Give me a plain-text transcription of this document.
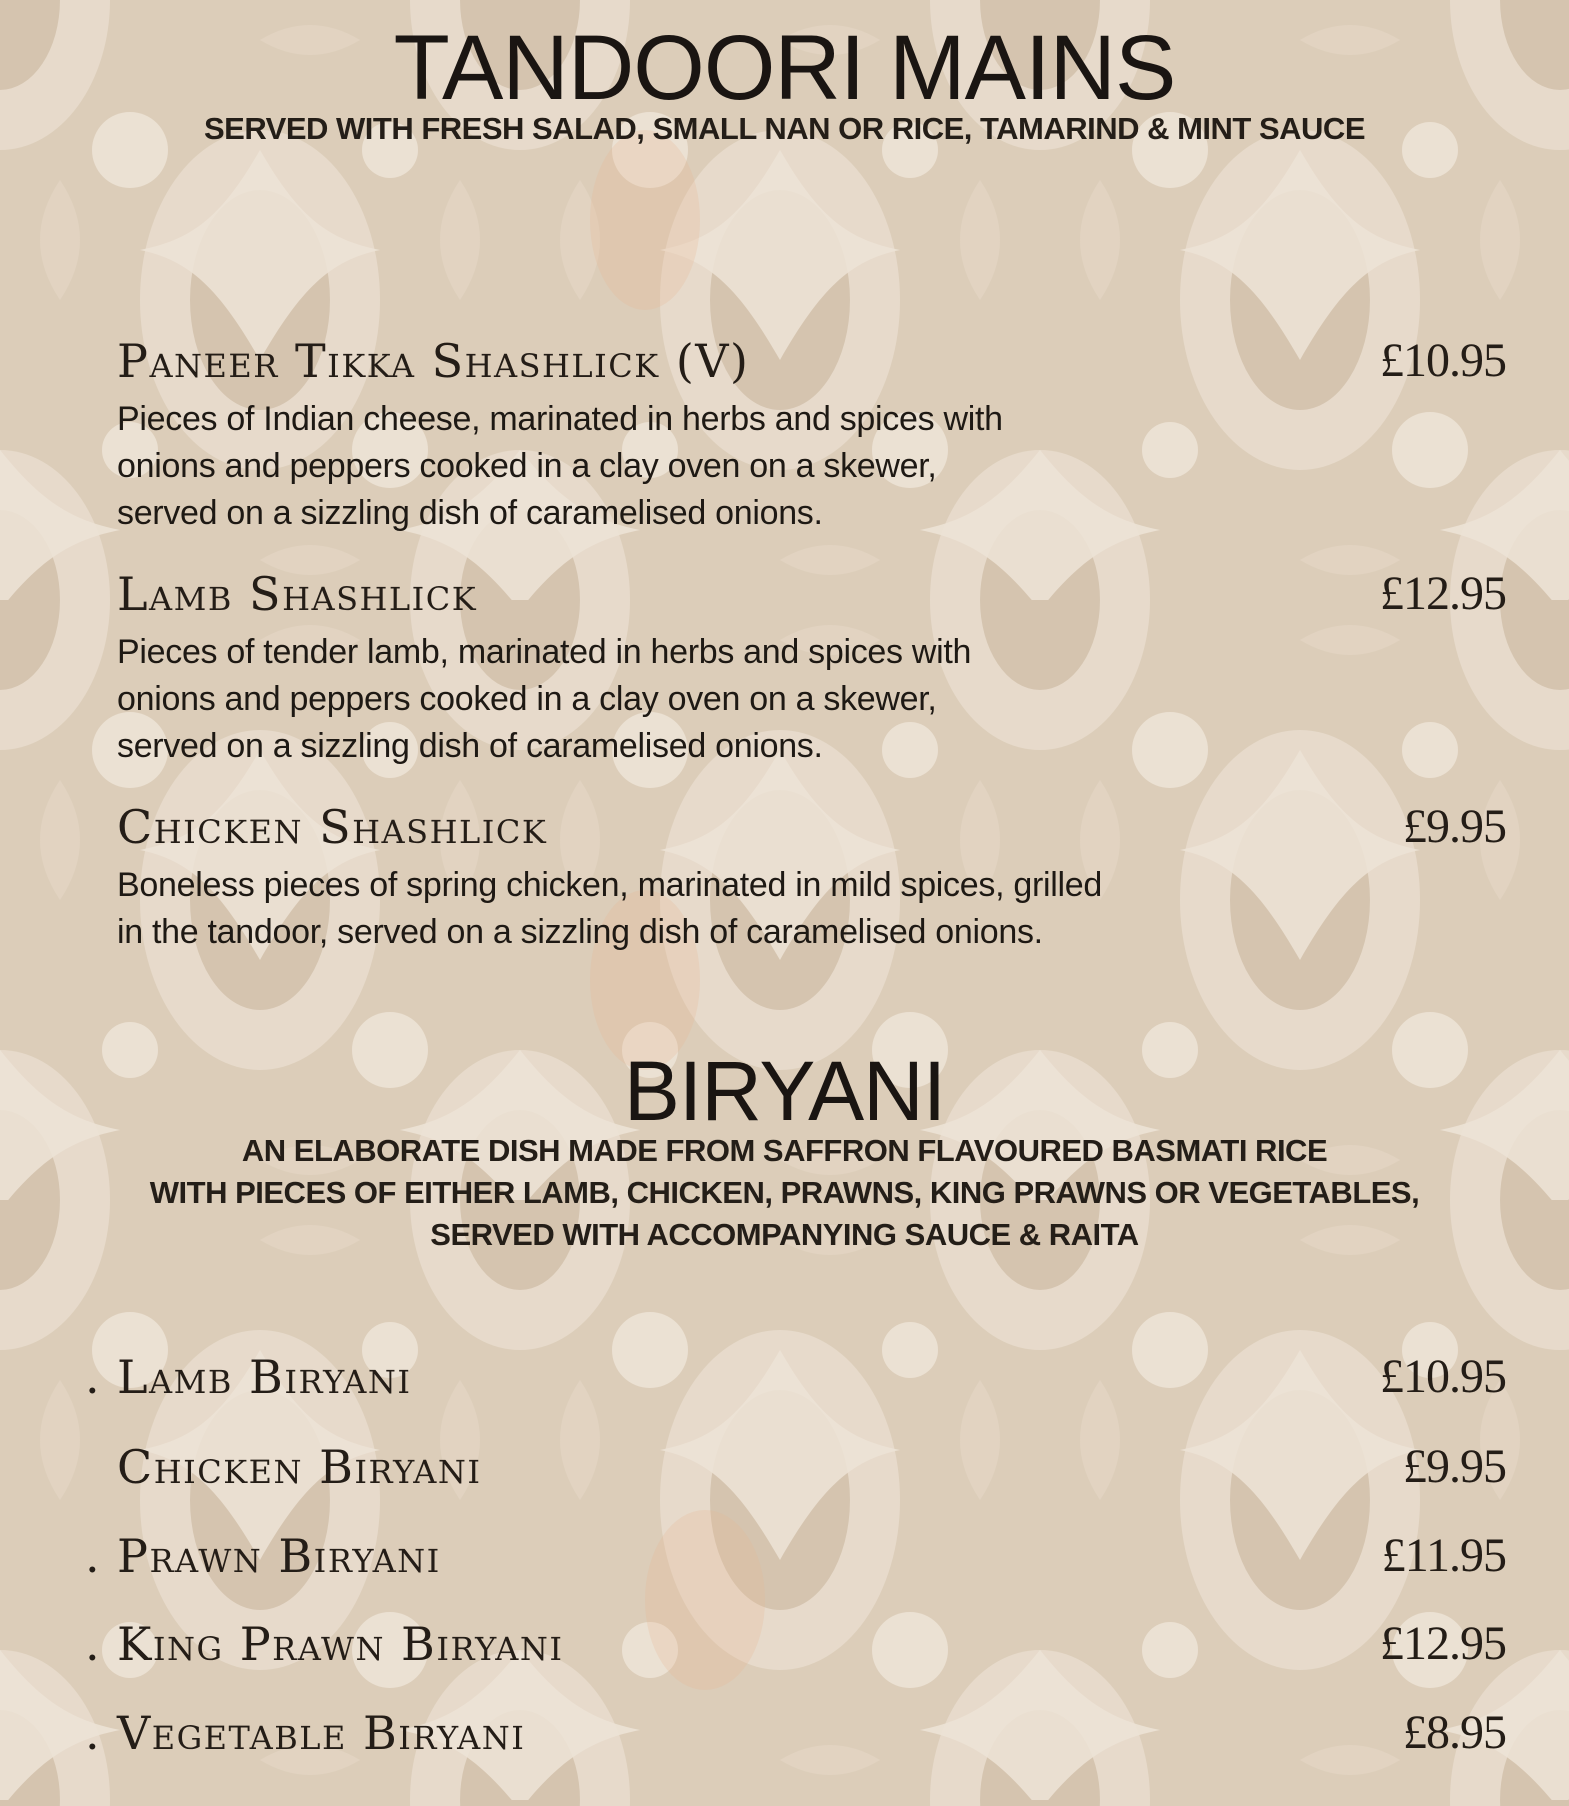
TANDOORI MAINS
SERVED WITH FRESH SALAD, SMALL NAN OR RICE, TAMARIND & MINT SAUCE
Paneer Tikka Shashlick (V)	£10.95
Pieces of Indian cheese, marinated in herbs and spices with
onions and peppers cooked in a clay oven on a skewer,
served on a sizzling dish of caramelised onions.
Lamb Shashlick	£12.95
Pieces of tender lamb, marinated in herbs and spices with
onions and peppers cooked in a clay oven on a skewer,
served on a sizzling dish of caramelised onions.
Chicken Shashlick	£9.95
Boneless pieces of spring chicken, marinated in mild spices, grilled
in the tandoor, served on a sizzling dish of caramelised onions.
BIRYANI
AN ELABORATE DISH MADE FROM SAFFRON FLAVOURED BASMATI RICE
WITH PIECES OF EITHER LAMB, CHICKEN, PRAWNS, KING PRAWNS OR VEGETABLES,
SERVED WITH ACCOMPANYING SAUCE & RAITA
. Lamb Biryani	£10.95
Chicken Biryani	£9.95
. Prawn Biryani	£11.95
. King Prawn Biryani	£12.95
. Vegetable Biryani	£8.95
